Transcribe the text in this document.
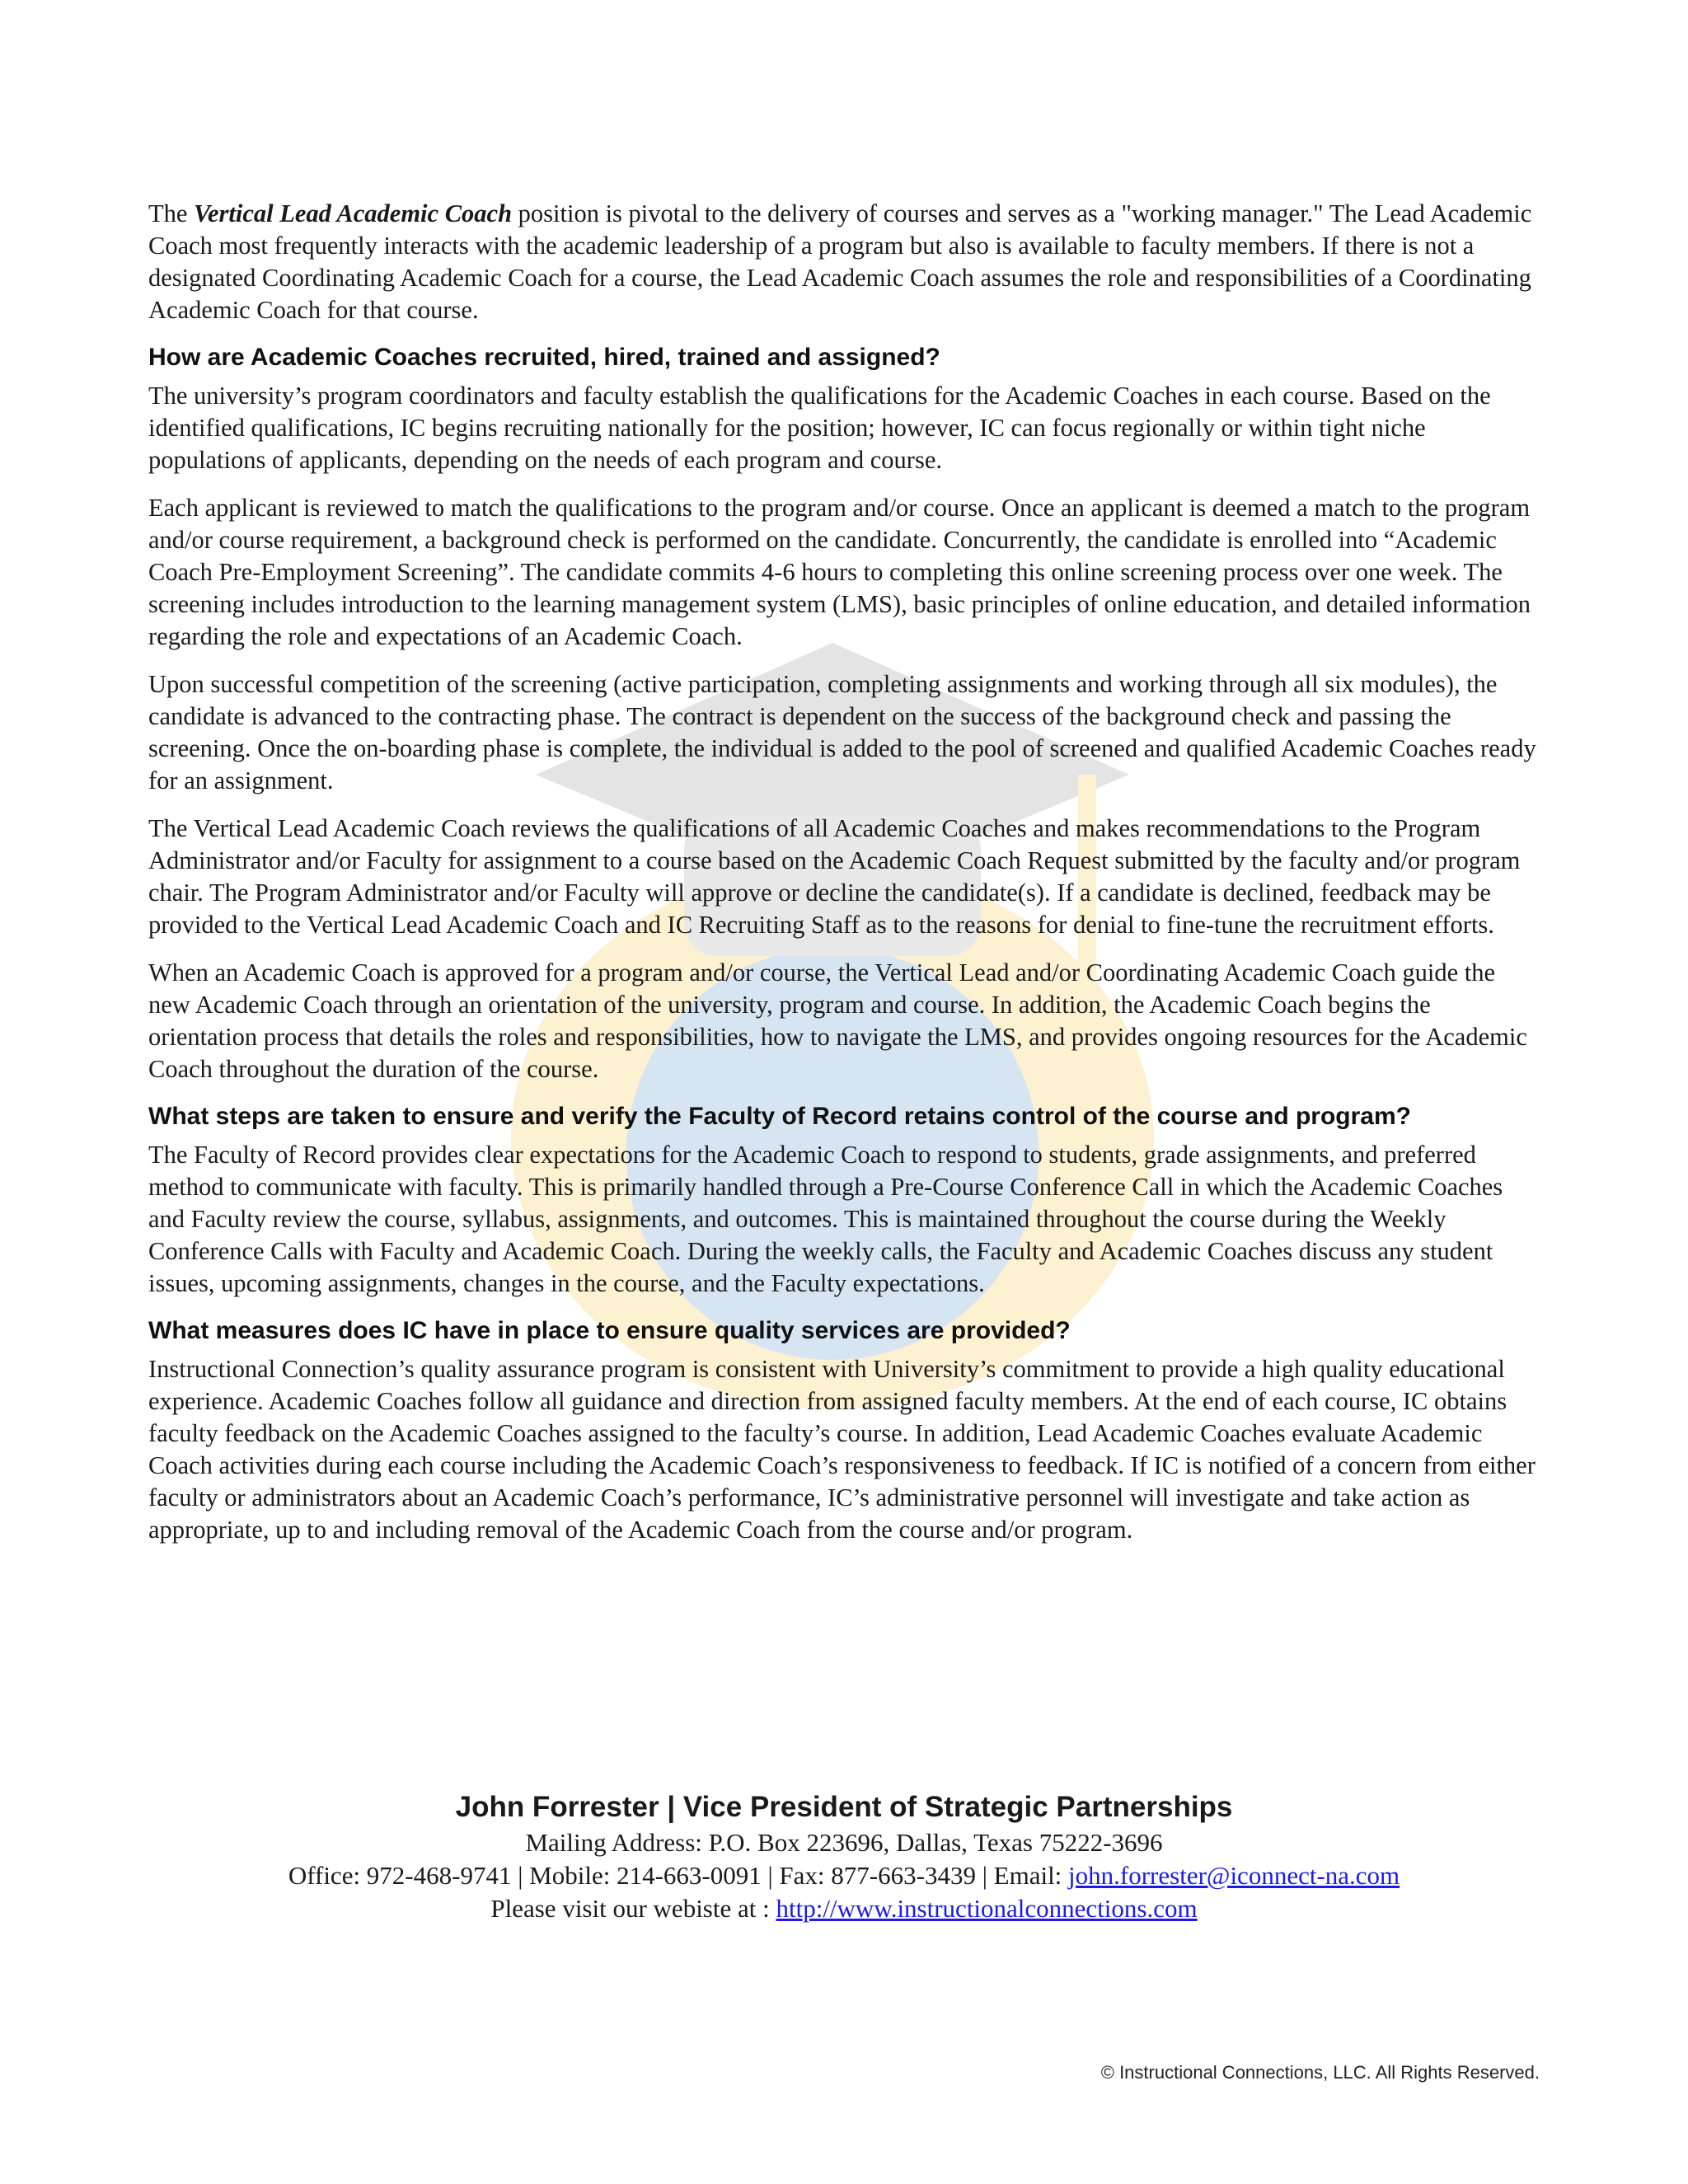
The Vertical Lead Academic Coach position is pivotal to the delivery of courses and serves as a "working manager." The Lead Academic Coach most frequently interacts with the academic leadership of a program but also is available to faculty members. If there is not a designated Coordinating Academic Coach for a course, the Lead Academic Coach assumes the role and responsibilities of a Coordinating Academic Coach for that course.

How are Academic Coaches recruited, hired, trained and assigned?

The university’s program coordinators and faculty establish the qualifications for the Academic Coaches in each course. Based on the identified qualifications, IC begins recruiting nationally for the position; however, IC can focus regionally or within tight niche populations of applicants, depending on the needs of each program and course.

Each applicant is reviewed to match the qualifications to the program and/or course. Once an applicant is deemed a match to the program and/or course requirement, a background check is performed on the candidate. Concurrently, the candidate is enrolled into “Academic Coach Pre-Employment Screening”. The candidate commits 4-6 hours to completing this online screening process over one week. The screening includes introduction to the learning management system (LMS), basic principles of online education, and detailed information regarding the role and expectations of an Academic Coach.

Upon successful competition of the screening (active participation, completing assignments and working through all six modules), the candidate is advanced to the contracting phase. The contract is dependent on the success of the background check and passing the screening. Once the on-boarding phase is complete, the individual is added to the pool of screened and qualified Academic Coaches ready for an assignment.

The Vertical Lead Academic Coach reviews the qualifications of all Academic Coaches and makes recommendations to the Program Administrator and/or Faculty for assignment to a course based on the Academic Coach Request submitted by the faculty and/or program chair. The Program Administrator and/or Faculty will approve or decline the candidate(s). If a candidate is declined, feedback may be provided to the Vertical Lead Academic Coach and IC Recruiting Staff as to the reasons for denial to fine-tune the recruitment efforts.

When an Academic Coach is approved for a program and/or course, the Vertical Lead and/or Coordinating Academic Coach guide the new Academic Coach through an orientation of the university, program and course. In addition, the Academic Coach begins the orientation process that details the roles and responsibilities, how to navigate the LMS, and provides ongoing resources for the Academic Coach throughout the duration of the course.

What steps are taken to ensure and verify the Faculty of Record retains control of the course and program?

The Faculty of Record provides clear expectations for the Academic Coach to respond to students, grade assignments, and preferred method to communicate with faculty. This is primarily handled through a Pre-Course Conference Call in which the Academic Coaches and Faculty review the course, syllabus, assignments, and outcomes. This is maintained throughout the course during the Weekly Conference Calls with Faculty and Academic Coach. During the weekly calls, the Faculty and Academic Coaches discuss any student issues, upcoming assignments, changes in the course, and the Faculty expectations.

What measures does IC have in place to ensure quality services are provided?

Instructional Connection’s quality assurance program is consistent with University’s commitment to provide a high quality educational experience. Academic Coaches follow all guidance and direction from assigned faculty members. At the end of each course, IC obtains faculty feedback on the Academic Coaches assigned to the faculty’s course. In addition, Lead Academic Coaches evaluate Academic Coach activities during each course including the Academic Coach’s responsiveness to feedback. If IC is notified of a concern from either faculty or administrators about an Academic Coach’s performance, IC’s administrative personnel will investigate and take action as appropriate, up to and including removal of the Academic Coach from the course and/or program.

John Forrester | Vice President of Strategic Partnerships
Mailing Address: P.O. Box 223696, Dallas, Texas 75222-3696
Office: 972-468-9741 | Mobile: 214-663-0091 | Fax: 877-663-3439 | Email: john.forrester@iconnect-na.com
Please visit our webiste at : http://www.instructionalconnections.com
© Instructional Connections, LLC. All Rights Reserved.
